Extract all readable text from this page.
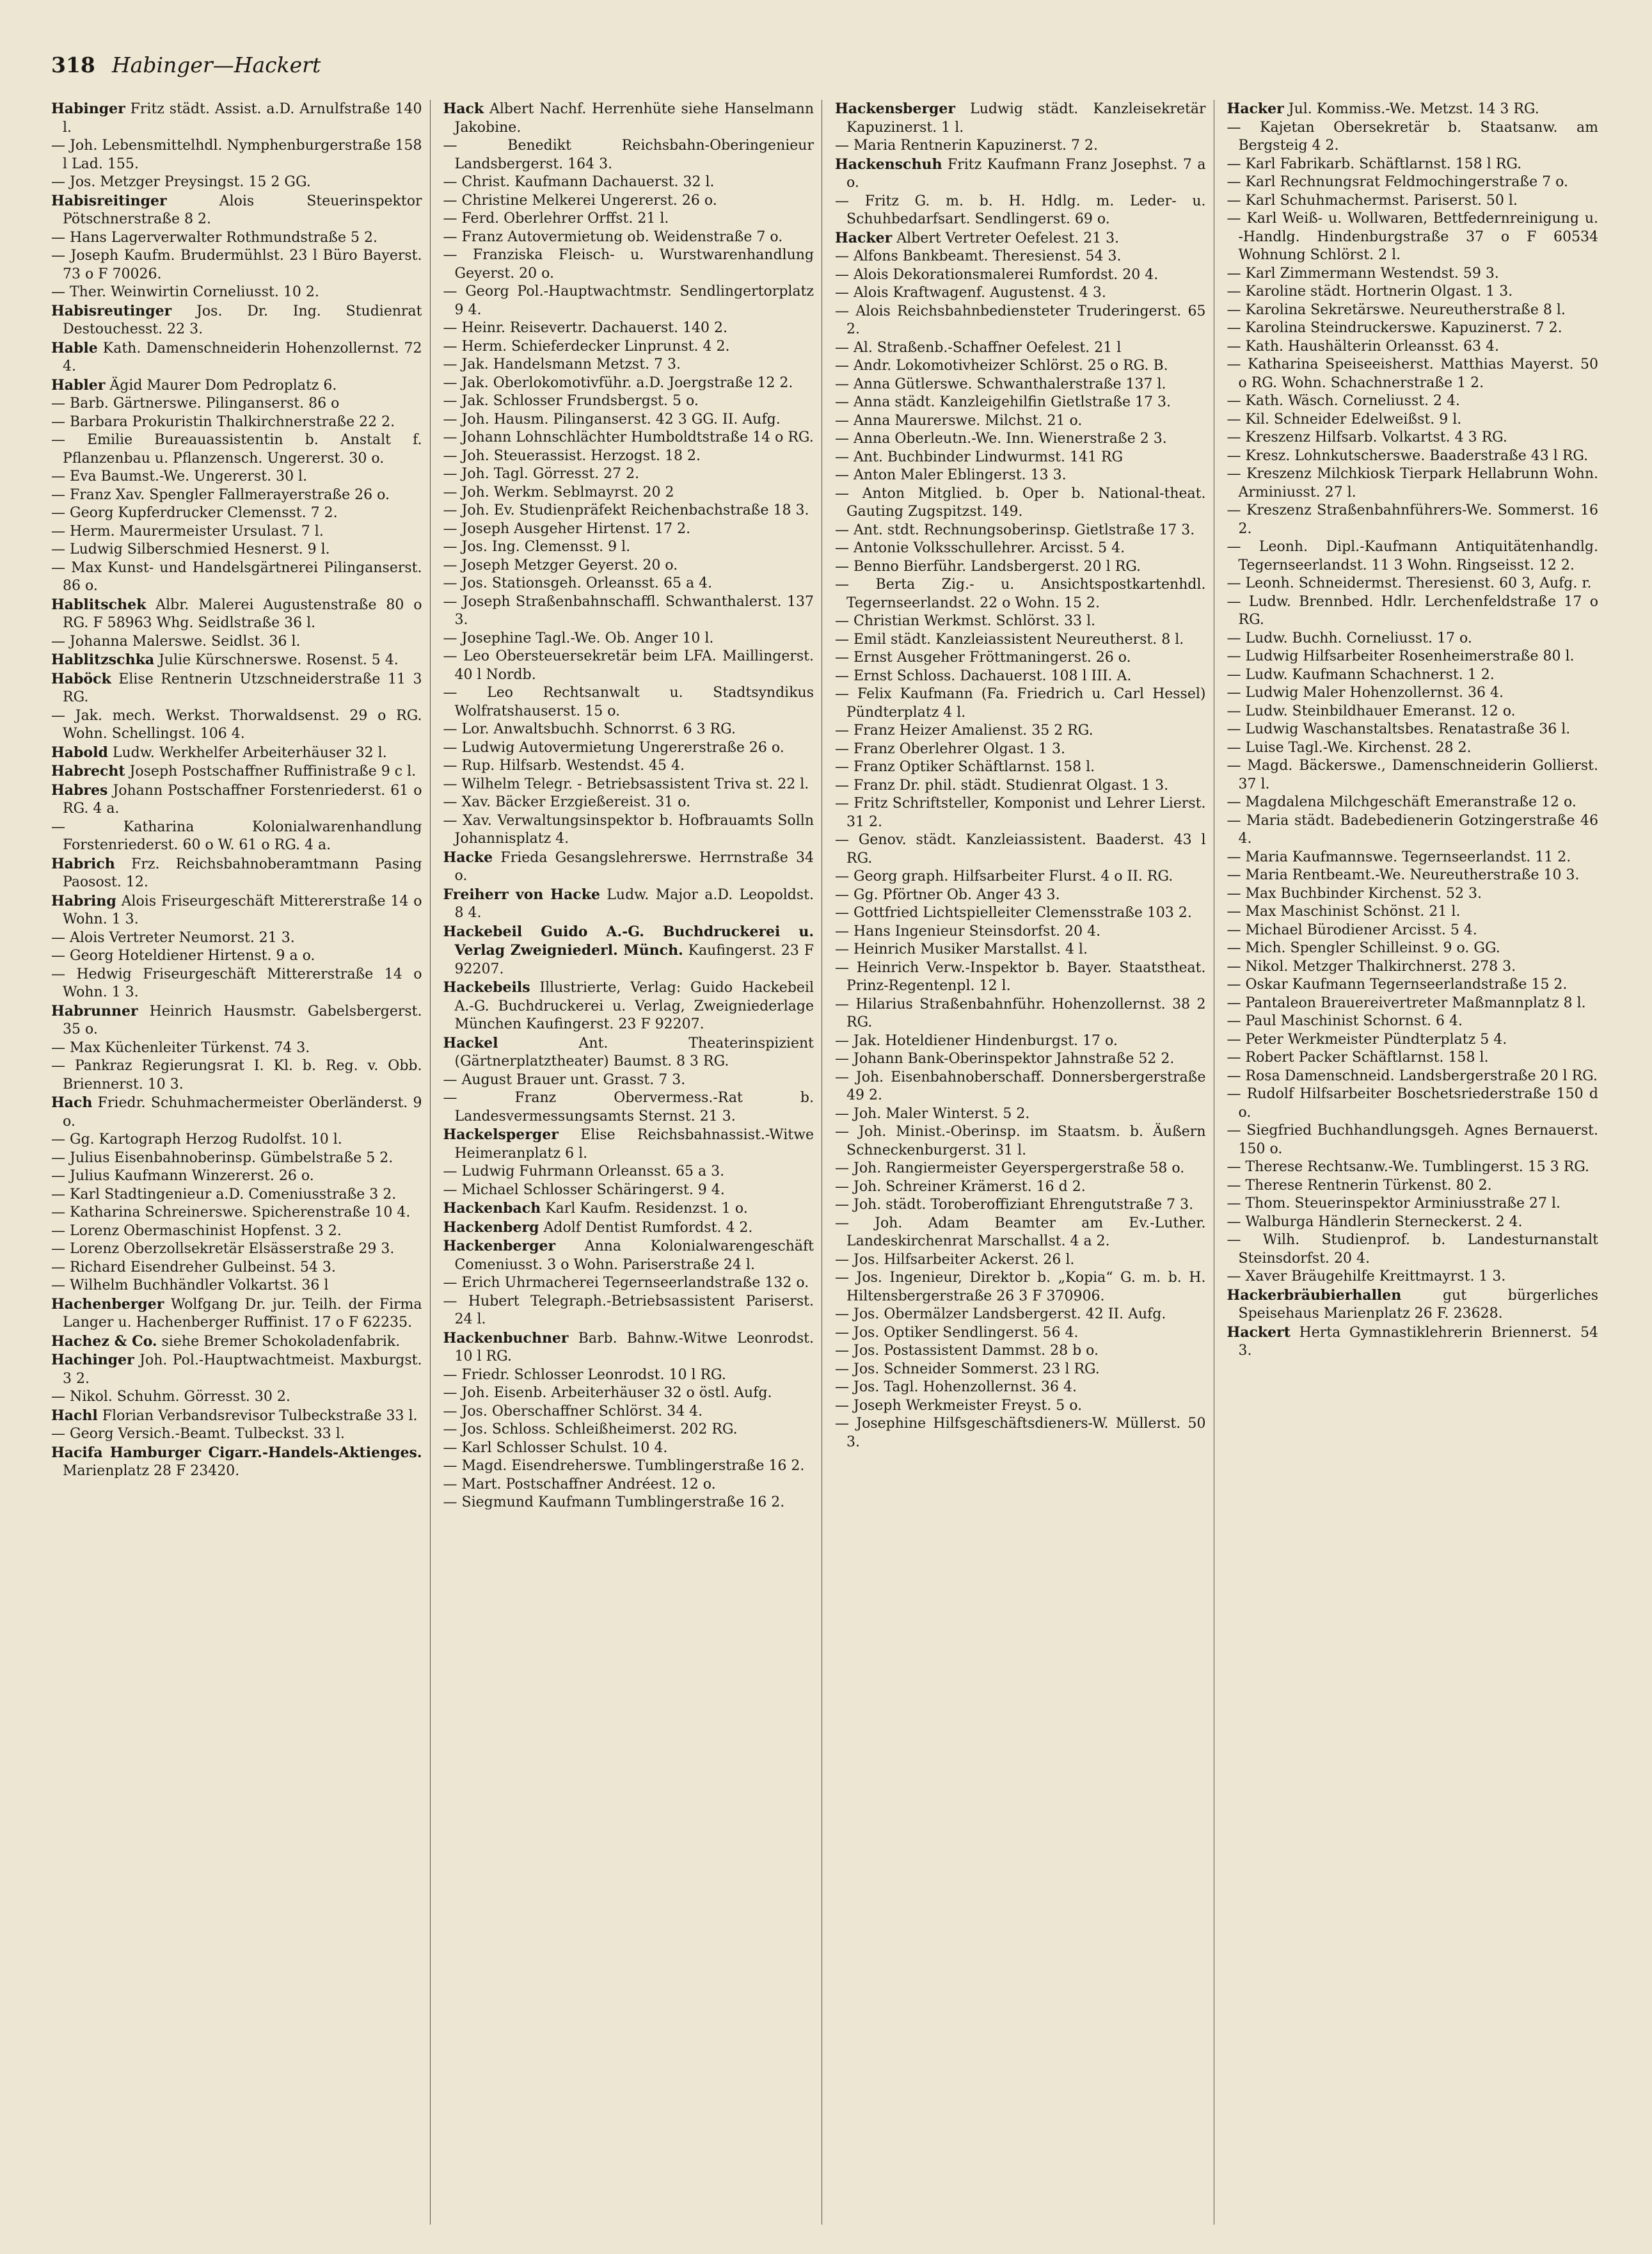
318 Habinger—Hackert

Habinger Fritz städt. Assist. a.D. Arnulfstraße 140 l.

— Joh. Lebensmittelhdl. Nymphenburgerstraße 158 l Lad. 155.

— Jos. Metzger Preysingst. 15 2 GG.

Habisreitinger Alois Steuerinspektor Pötschnerstraße 8 2.

— Hans Lagerverwalter Rothmundstraße 5 2.

— Joseph Kaufm. Brudermühlst. 23 l Büro Bayerst. 73 o F 70026.

— Ther. Weinwirtin Corneliusst. 10 2.

Habisreutinger Jos. Dr. Ing. Studienrat Destouchesst. 22 3.

Hable Kath. Damenschneiderin Hohenzollernst. 72 4.

Habler Ägid Maurer Dom Pedroplatz 6.

— Barb. Gärtnerswe. Pilinganserst. 86 o

— Barbara Prokuristin Thalkirchnerstraße 22 2.

— Emilie Bureauassistentin b. Anstalt f. Pflanzenbau u. Pflanzensch. Ungererst. 30 o.

— Eva Baumst.-We. Ungererst. 30 l.

— Franz Xav. Spengler Fallmerayerstraße 26 o.

— Georg Kupferdrucker Clemensst. 7 2.

— Herm. Maurermeister Ursulast. 7 l.

— Ludwig Silberschmied Hesnerst. 9 l.

— Max Kunst- und Handelsgärtnerei Pilinganserst. 86 o.

Hablitschek Albr. Malerei Augustenstraße 80 o RG. F 58963 Whg. Seidlstraße 36 l.

— Johanna Malerswe. Seidlst. 36 l.

Hablitzschka Julie Kürschnerswe. Rosenst. 5 4.

Haböck Elise Rentnerin Utzschneiderstraße 11 3 RG.

— Jak. mech. Werkst. Thorwaldsenst. 29 o RG. Wohn. Schellingst. 106 4.

Habold Ludw. Werkhelfer Arbeiterhäuser 32 l.

Habrecht Joseph Postschaffner Ruffinistraße 9 c l.

Habres Johann Postschaffner Forstenriederst. 61 o RG. 4 a.

— Katharina Kolonialwarenhandlung Forstenriederst. 60 o W. 61 o RG. 4 a.

Habrich Frz. Reichsbahnoberamtmann Pasing Paosost. 12.

Habring Alois Friseurgeschäft Mittererstraße 14 o Wohn. 1 3.

— Alois Vertreter Neumorst. 21 3.

— Georg Hoteldiener Hirtenst. 9 a o.

— Hedwig Friseurgeschäft Mittererstraße 14 o Wohn. 1 3.

Habrunner Heinrich Hausmstr. Gabelsbergerst. 35 o.

— Max Küchenleiter Türkenst. 74 3.

— Pankraz Regierungsrat I. Kl. b. Reg. v. Obb. Briennerst. 10 3.

Hach Friedr. Schuhmachermeister Oberländerst. 9 o.

— Gg. Kartograph Herzog Rudolfst. 10 l.

— Julius Eisenbahnoberinsp. Gümbelstraße 5 2.

— Julius Kaufmann Winzererst. 26 o.

— Karl Stadtingenieur a.D. Comeniusstraße 3 2.

— Katharina Schreinerswe. Spicherenstraße 10 4.

— Lorenz Obermaschinist Hopfenst. 3 2.

— Lorenz Oberzollsekretär Elsässerstraße 29 3.

— Richard Eisendreher Gulbeinst. 54 3.

— Wilhelm Buchhändler Volkartst. 36 l

Hachenberger Wolfgang Dr. jur. Teilh. der Firma Langer u. Hachenberger Ruffinist. 17 o F 62235.

Hachez & Co. siehe Bremer Schokoladenfabrik.

Hachinger Joh. Pol.-Hauptwachtmeist. Maxburgst. 3 2.

— Nikol. Schuhm. Görresst. 30 2.

Hachl Florian Verbandsrevisor Tulbeckstraße 33 l.

— Georg Versich.-Beamt. Tulbeckst. 33 l.

Hacifa Hamburger Cigarr.-Handels-Aktienges. Marienplatz 28 F 23420.

Hack Albert Nachf. Herrenhüte siehe Hanselmann Jakobine.

— Benedikt Reichsbahn-Oberingenieur Landsbergerst. 164 3.

— Christ. Kaufmann Dachauerst. 32 l.

— Christine Melkerei Ungererst. 26 o.

— Ferd. Oberlehrer Orffst. 21 l.

— Franz Autovermietung ob. Weidenstraße 7 o.

— Franziska Fleisch- u. Wurstwarenhandlung Geyerst. 20 o.

— Georg Pol.-Hauptwachtmstr. Sendlingertorplatz 9 4.

— Heinr. Reisevertr. Dachauerst. 140 2.

— Herm. Schieferdecker Linprunst. 4 2.

— Jak. Handelsmann Metzst. 7 3.

— Jak. Oberlokomotivführ. a.D. Joergstraße 12 2.

— Jak. Schlosser Frundsbergst. 5 o.

— Joh. Hausm. Pilinganserst. 42 3 GG. II. Aufg.

— Johann Lohnschlächter Humboldtstraße 14 o RG.

— Joh. Steuerassist. Herzogst. 18 2.

— Joh. Tagl. Görresst. 27 2.

— Joh. Werkm. Seblmayrst. 20 2

— Joh. Ev. Studienpräfekt Reichenbachstraße 18 3.

— Joseph Ausgeher Hirtenst. 17 2.

— Jos. Ing. Clemensst. 9 l.

— Joseph Metzger Geyerst. 20 o.

— Jos. Stationsgeh. Orleansst. 65 a 4.

— Joseph Straßenbahnschaffl. Schwanthalerst. 137 3.

— Josephine Tagl.-We. Ob. Anger 10 l.

— Leo Obersteuersekretär beim LFA. Maillingerst. 40 l Nordb.

— Leo Rechtsanwalt u. Stadtsyndikus Wolfratshauserst. 15 o.

— Lor. Anwaltsbuchh. Schnorrst. 6 3 RG.

— Ludwig Autovermietung Ungererstraße 26 o.

— Rup. Hilfsarb. Westendst. 45 4.

— Wilhelm Telegr. - Betriebsassistent Triva st. 22 l.

— Xav. Bäcker Erzgießereist. 31 o.

— Xav. Verwaltungsinspektor b. Hofbrauamts Solln Johannisplatz 4.

Hacke Frieda Gesangslehrerswe. Herrnstraße 34 o.

Freiherr von Hacke Ludw. Major a.D. Leopoldst. 8 4.

Hackebeil Guido A.-G. Buchdruckerei u. Verlag Zweigniederl. Münch. Kaufingerst. 23 F 92207.

Hackebeils Illustrierte, Verlag: Guido Hackebeil A.-G. Buchdruckerei u. Verlag, Zweigniederlage München Kaufingerst. 23 F 92207.

Hackel Ant. Theaterinspizient (Gärtnerplatztheater) Baumst. 8 3 RG.

— August Brauer unt. Grasst. 7 3.

— Franz Obervermess.-Rat b. Landesvermessungsamts Sternst. 21 3.

Hackelsperger Elise Reichsbahnassist.-Witwe Heimeranplatz 6 l.

— Ludwig Fuhrmann Orleansst. 65 a 3.

— Michael Schlosser Schäringerst. 9 4.

Hackenbach Karl Kaufm. Residenzst. 1 o.

Hackenberg Adolf Dentist Rumfordst. 4 2.

Hackenberger Anna Kolonialwarengeschäft Comeniusst. 3 o Wohn. Pariserstraße 24 l.

— Erich Uhrmacherei Tegernseerlandstraße 132 o.

— Hubert Telegraph.-Betriebsassistent Pariserst. 24 l.

Hackenbuchner Barb. Bahnw.-Witwe Leonrodst. 10 l RG.

— Friedr. Schlosser Leonrodst. 10 l RG.

— Joh. Eisenb. Arbeiterhäuser 32 o östl. Aufg.

— Jos. Oberschaffner Schlörst. 34 4.

— Jos. Schloss. Schleißheimerst. 202 RG.

— Karl Schlosser Schulst. 10 4.

— Magd. Eisendreherswe. Tumblingerstraße 16 2.

— Mart. Postschaffner Andréest. 12 o.

— Siegmund Kaufmann Tumblingerstraße 16 2.

Hackensberger Ludwig städt. Kanzleisekretär Kapuzinerst. 1 l.

— Maria Rentnerin Kapuzinerst. 7 2.

Hackenschuh Fritz Kaufmann Franz Josephst. 7 a o.

— Fritz G. m. b. H. Hdlg. m. Leder- u. Schuhbedarfsart. Sendlingerst. 69 o.

Hacker Albert Vertreter Oefelest. 21 3.

— Alfons Bankbeamt. Theresienst. 54 3.

— Alois Dekorationsmalerei Rumfordst. 20 4.

— Alois Kraftwagenf. Augustenst. 4 3.

— Alois Reichsbahnbediensteter Truderingerst. 65 2.

— Al. Straßenb.-Schaffner Oefelest. 21 l

— Andr. Lokomotivheizer Schlörst. 25 o RG. B.

— Anna Gütlerswe. Schwanthalerstraße 137 l.

— Anna städt. Kanzleigehilfin Gietlstraße 17 3.

— Anna Maurerswe. Milchst. 21 o.

— Anna Oberleutn.-We. Inn. Wienerstraße 2 3.

— Ant. Buchbinder Lindwurmst. 141 RG

— Anton Maler Eblingerst. 13 3.

— Anton Mitglied. b. Oper b. National-theat. Gauting Zugspitzst. 149.

— Ant. stdt. Rechnungsoberinsp. Gietlstraße 17 3.

— Antonie Volksschullehrer. Arcisst. 5 4.

— Benno Bierführ. Landsbergerst. 20 l RG.

— Berta Zig.- u. Ansichtspostkartenhdl. Tegernseerlandst. 22 o Wohn. 15 2.

— Christian Werkmst. Schlörst. 33 l.

— Emil städt. Kanzleiassistent Neureutherst. 8 l.

— Ernst Ausgeher Fröttmaningerst. 26 o.

— Ernst Schloss. Dachauerst. 108 l III. A.

— Felix Kaufmann (Fa. Friedrich u. Carl Hessel) Pündterplatz 4 l.

— Franz Heizer Amalienst. 35 2 RG.

— Franz Oberlehrer Olgast. 1 3.

— Franz Optiker Schäftlarnst. 158 l.

— Franz Dr. phil. städt. Studienrat Olgast. 1 3.

— Fritz Schriftsteller, Komponist und Lehrer Lierst. 31 2.

— Genov. städt. Kanzleiassistent. Baaderst. 43 l RG.

— Georg graph. Hilfsarbeiter Flurst. 4 o II. RG.

— Gg. Pförtner Ob. Anger 43 3.

— Gottfried Lichtspielleiter Clemensstraße 103 2.

— Hans Ingenieur Steinsdorfst. 20 4.

— Heinrich Musiker Marstallst. 4 l.

— Heinrich Verw.-Inspektor b. Bayer. Staatstheat. Prinz-Regentenpl. 12 l.

— Hilarius Straßenbahnführ. Hohenzollernst. 38 2 RG.

— Jak. Hoteldiener Hindenburgst. 17 o.

— Johann Bank-Oberinspektor Jahnstraße 52 2.

— Joh. Eisenbahnoberschaff. Donnersbergerstraße 49 2.

— Joh. Maler Winterst. 5 2.

— Joh. Minist.-Oberinsp. im Staatsm. b. Äußern Schneckenburgerst. 31 l.

— Joh. Rangiermeister Geyerspergerstraße 58 o.

— Joh. Schreiner Krämerst. 16 d 2.

— Joh. städt. Toroberoffiziant Ehrengutstraße 7 3.

— Joh. Adam Beamter am Ev.-Luther. Landeskirchenrat Marschallst. 4 a 2.

— Jos. Hilfsarbeiter Ackerst. 26 l.

— Jos. Ingenieur, Direktor b. „Kopia“ G. m. b. H. Hiltensbergerstraße 26 3 F 370906.

— Jos. Obermälzer Landsbergerst. 42 II. Aufg.

— Jos. Optiker Sendlingerst. 56 4.

— Jos. Postassistent Dammst. 28 b o.

— Jos. Schneider Sommerst. 23 l RG.

— Jos. Tagl. Hohenzollernst. 36 4.

— Joseph Werkmeister Freyst. 5 o.

— Josephine Hilfsgeschäftsdieners-W. Müllerst. 50 3.

Hacker Jul. Kommiss.-We. Metzst. 14 3 RG.

— Kajetan Obersekretär b. Staatsanw. am Bergsteig 4 2.

— Karl Fabrikarb. Schäftlarnst. 158 l RG.

— Karl Rechnungsrat Feldmochingerstraße 7 o.

— Karl Schuhmachermst. Pariserst. 50 l.

— Karl Weiß- u. Wollwaren, Bettfedernreinigung u. -Handlg. Hindenburgstraße 37 o F 60534 Wohnung Schlörst. 2 l.

— Karl Zimmermann Westendst. 59 3.

— Karoline städt. Hortnerin Olgast. 1 3.

— Karolina Sekretärswe. Neureutherstraße 8 l.

— Karolina Steindruckerswe. Kapuzinerst. 7 2.

— Kath. Haushälterin Orleansst. 63 4.

— Katharina Speiseeisherst. Matthias Mayerst. 50 o RG. Wohn. Schachnerstraße 1 2.

— Kath. Wäsch. Corneliusst. 2 4.

— Kil. Schneider Edelweißst. 9 l.

— Kreszenz Hilfsarb. Volkartst. 4 3 RG.

— Kresz. Lohnkutscherswe. Baaderstraße 43 l RG.

— Kreszenz Milchkiosk Tierpark Hellabrunn Wohn. Arminiusst. 27 l.

— Kreszenz Straßenbahnführers-We. Sommerst. 16 2.

— Leonh. Dipl.-Kaufmann Antiquitätenhandlg. Tegernseerlandst. 11 3 Wohn. Ringseisst. 12 2.

— Leonh. Schneidermst. Theresienst. 60 3, Aufg. r.

— Ludw. Brennbed. Hdlr. Lerchenfeldstraße 17 o RG.

— Ludw. Buchh. Corneliusst. 17 o.

— Ludwig Hilfsarbeiter Rosenheimerstraße 80 l.

— Ludw. Kaufmann Schachnerst. 1 2.

— Ludwig Maler Hohenzollernst. 36 4.

— Ludw. Steinbildhauer Emeranst. 12 o.

— Ludwig Waschanstaltsbes. Renatastraße 36 l.

— Luise Tagl.-We. Kirchenst. 28 2.

— Magd. Bäckerswe., Damenschneiderin Gollierst. 37 l.

— Magdalena Milchgeschäft Emeranstraße 12 o.

— Maria städt. Badebedienerin Gotzingerstraße 46 4.

— Maria Kaufmannswe. Tegernseerlandst. 11 2.

— Maria Rentbeamt.-We. Neureutherstraße 10 3.

— Max Buchbinder Kirchenst. 52 3.

— Max Maschinist Schönst. 21 l.

— Michael Bürodiener Arcisst. 5 4.

— Mich. Spengler Schilleinst. 9 o. GG.

— Nikol. Metzger Thalkirchnerst. 278 3.

— Oskar Kaufmann Tegernseerlandstraße 15 2.

— Pantaleon Brauereivertreter Maßmannplatz 8 l.

— Paul Maschinist Schornst. 6 4.

— Peter Werkmeister Pündterplatz 5 4.

— Robert Packer Schäftlarnst. 158 l.

— Rosa Damenschneid. Landsbergerstraße 20 l RG.

— Rudolf Hilfsarbeiter Boschetsriederstraße 150 d o.

— Siegfried Buchhandlungsgeh. Agnes Bernauerst. 150 o.

— Therese Rechtsanw.-We. Tumblingerst. 15 3 RG.

— Therese Rentnerin Türkenst. 80 2.

— Thom. Steuerinspektor Arminiusstraße 27 l.

— Walburga Händlerin Sterneckerst. 2 4.

— Wilh. Studienprof. b. Landesturnanstalt Steinsdorfst. 20 4.

— Xaver Bräugehilfe Kreittmayrst. 1 3.

Hackerbräubierhallen gut bürgerliches Speisehaus Marienplatz 26 F. 23628.

Hackert Herta Gymnastiklehrerin Briennerst. 54 3.
